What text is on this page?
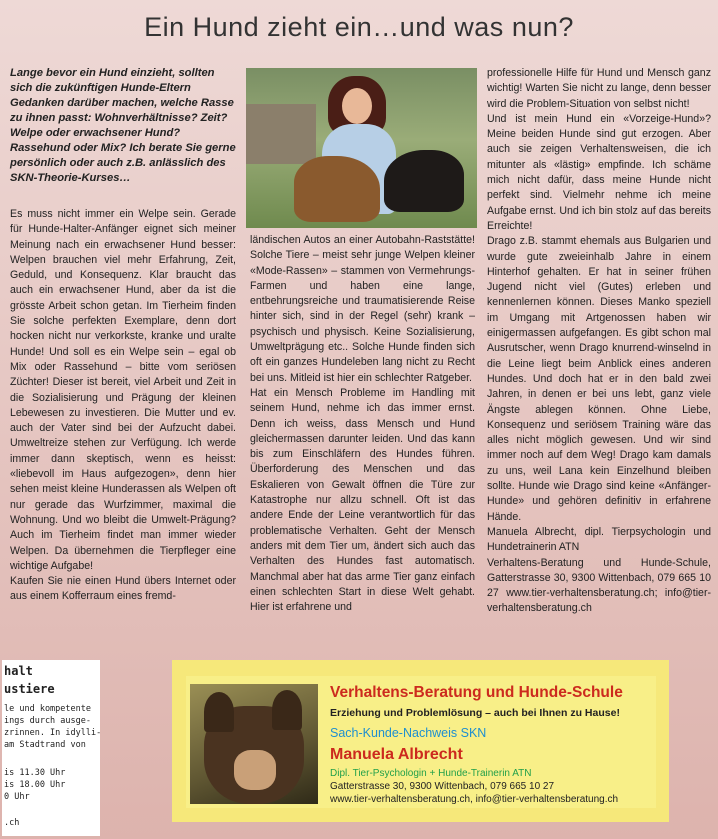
Ein Hund zieht ein…und was nun?
Lange bevor ein Hund einzieht, sollten sich die zukünftigen Hunde-Eltern Gedanken darüber machen, welche Rasse zu ihnen passt: Wohnverhältnisse? Zeit? Welpe oder erwachsener Hund? Rassehund oder Mix? Ich berate Sie gerne persönlich oder auch z.B. anlässlich des SKN-Theorie-Kurses…

Es muss nicht immer ein Welpe sein. Gerade für Hunde-Halter-Anfänger eignet sich meiner Meinung nach ein erwachsener Hund besser: Welpen brauchen viel mehr Erfahrung, Zeit, Geduld, und Konsequenz. Klar braucht das auch ein erwachsener Hund, aber da ist die grösste Arbeit schon getan. Im Tierheim finden Sie solche perfekten Exemplare, denn dort hocken nicht nur verkorkste, kranke und uralte Hunde! Und soll es ein Welpe sein – egal ob Mix oder Rassehund – bitte vom seriösen Züchter! Dieser ist bereit, viel Arbeit und Zeit in die Sozialisierung und Prägung der kleinen Lebewesen zu investieren. Die Mutter und ev. auch der Vater sind bei der Aufzucht dabei. Umweltreize stehen zur Verfügung. Ich werde immer dann skeptisch, wenn es heisst: «liebevoll im Haus aufgezogen», denn hier sehen meist kleine Hunderassen als Welpen oft nur gerade das Wurfzimmer, maximal die Wohnung. Und wo bleibt die Umwelt-Prägung? Auch im Tierheim findet man immer wieder Welpen. Da übernehmen die Tierpfleger eine wichtige Aufgabe!

Kaufen Sie nie einen Hund übers Internet oder aus einem Kofferraum eines fremd-

ländischen Autos an einer Autobahn-Raststätte! Solche Tiere – meist sehr junge Welpen kleiner «Mode-Rassen» – stammen von Vermehrungs-Farmen und haben eine lange, entbehrungsreiche und traumatisierende Reise hinter sich, sind in der Regel (sehr) krank – psychisch und physisch. Keine Sozialisierung, Umweltprägung etc.. Solche Hunde finden sich oft ein ganzes Hundeleben lang nicht zu Recht bei uns. Mitleid ist hier ein schlechter Ratgeber.

Hat ein Mensch Probleme im Handling mit seinem Hund, nehme ich das immer ernst. Denn ich weiss, dass Mensch und Hund gleichermassen darunter leiden. Und das kann bis zum Einschläfern des Hundes führen. Überforderung des Menschen und das Eskalieren von Gewalt öffnen die Türe zur Katastrophe nur allzu schnell. Oft ist das andere Ende der Leine verantwortlich für das problematische Verhalten. Geht der Mensch anders mit dem Tier um, ändert sich auch das Verhalten des Hundes fast automatisch. Manchmal aber hat das arme Tier ganz einfach einen schlechten Start in diese Welt gehabt. Hier ist erfahrene und

professionelle Hilfe für Hund und Mensch ganz wichtig! Warten Sie nicht zu lange, denn besser wird die Problem-Situation von selbst nicht!

Und ist mein Hund ein «Vorzeige-Hund»? Meine beiden Hunde sind gut erzogen. Aber auch sie zeigen Verhaltensweisen, die ich mitunter als «lästig» empfinde. Ich schäme mich nicht dafür, dass meine Hunde nicht perfekt sind. Vielmehr nehme ich meine Aufgabe ernst. Und ich bin stolz auf das bereits Erreichte!

Drago z.B. stammt ehemals aus Bulgarien und wurde gute zweieinhalb Jahre in einem Hinterhof gehalten. Er hat in seiner frühen Jugend nicht viel (Gutes) erleben und kennenlernen können. Dieses Manko speziell im Umgang mit Artgenossen haben wir einigermassen aufgefangen. Es gibt schon mal Ausrutscher, wenn Drago knurrend-winselnd in die Leine liegt beim Anblick eines anderen Hundes. Und doch hat er in den bald zwei Jahren, in denen er bei uns lebt, ganz viele Ängste ablegen können. Ohne Liebe, Konsequenz und seriösem Training wäre das alles nicht möglich gewesen. Und wir sind immer noch auf dem Weg! Drago kam damals zu uns, weil Lana kein Einzelhund bleiben sollte. Hunde wie Drago sind keine «Anfänger-Hunde» und gehören definitiv in erfahrene Hände.

Manuela Albrecht, dipl. Tierpsychologin und Hundetrainerin ATN

Verhaltens-Beratung und Hunde-Schule, Gatterstrasse 30, 9300 Wittenbach, 079 665 10 27 www.tier-verhaltensberatung.ch; info@tier-verhaltensberatung.ch

halt
ustiere
le und kompetente
ings durch ausge-
zrinnen. In idylli-
am Stadtrand von
is 11.30 Uhr
is 18.00 Uhr
0 Uhr
.ch
Verhaltens-Beratung und Hunde-Schule
Erziehung und Problemlösung – auch bei Ihnen zu Hause!
Sach-Kunde-Nachweis SKN
Manuela Albrecht
Dipl. Tier-Psychologin + Hunde-Trainerin ATN
Gatterstrasse 30, 9300 Wittenbach, 079 665 10 27
www.tier-verhaltensberatung.ch, info@tier-verhaltensberatung.ch
